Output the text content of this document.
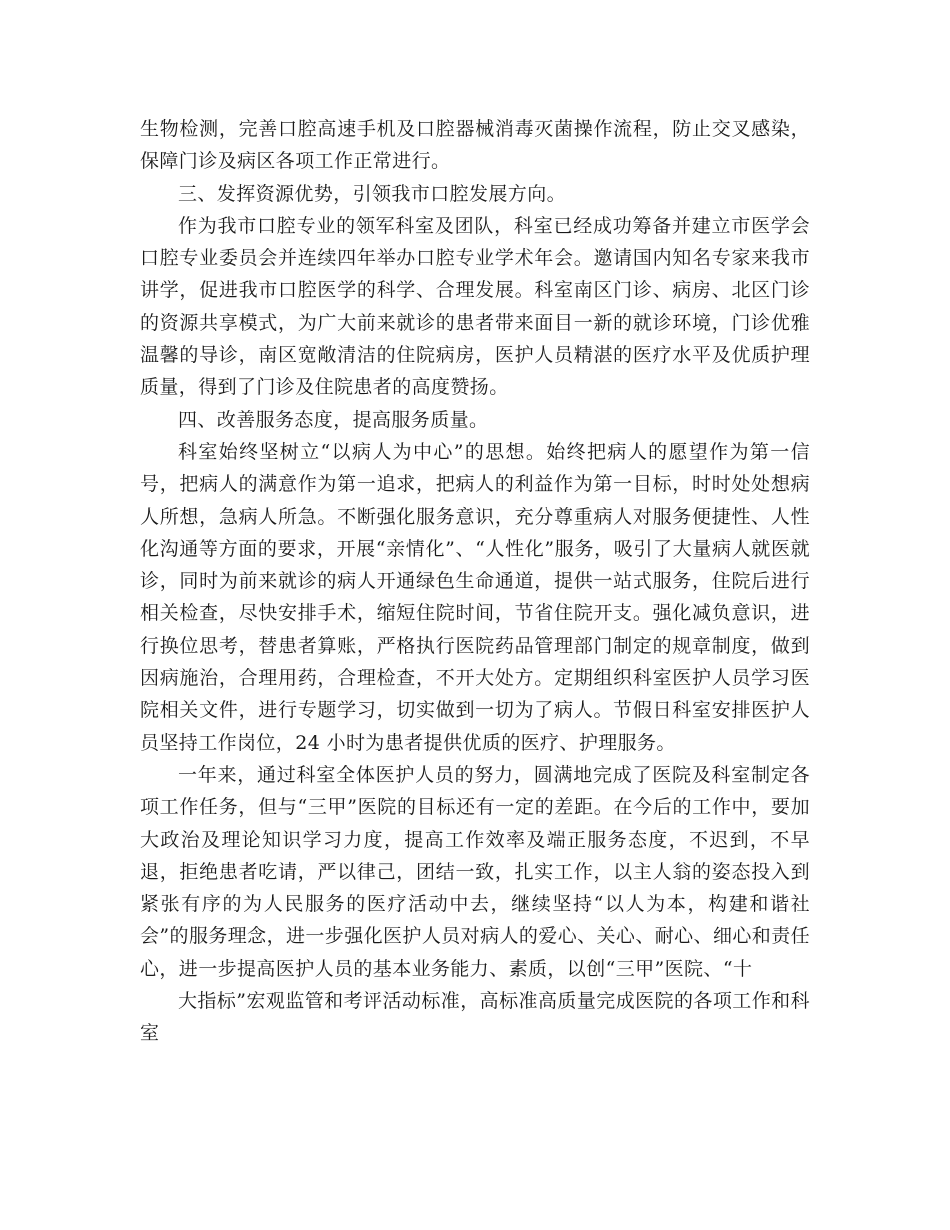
生物检测，完善口腔高速手机及口腔器械消毒灭菌操作流程，防止交叉感染，保障门诊及病区各项工作正常进行。

三、发挥资源优势，引领我市口腔发展方向。

作为我市口腔专业的领军科室及团队，科室已经成功筹备并建立市医学会口腔专业委员会并连续四年举办口腔专业学术年会。邀请国内知名专家来我市讲学，促进我市口腔医学的科学、合理发展。科室南区门诊、病房、北区门诊的资源共享模式，为广大前来就诊的患者带来面目一新的就诊环境，门诊优雅温馨的导诊，南区宽敞清洁的住院病房，医护人员精湛的医疗水平及优质护理质量，得到了门诊及住院患者的高度赞扬。

四、改善服务态度，提高服务质量。

科室始终坚树立“以病人为中心”的思想。始终把病人的愿望作为第一信号，把病人的满意作为第一追求，把病人的利益作为第一目标，时时处处想病人所想，急病人所急。不断强化服务意识，充分尊重病人对服务便捷性、人性化沟通等方面的要求，开展“亲情化”、“人性化”服务，吸引了大量病人就医就诊，同时为前来就诊的病人开通绿色生命通道，提供一站式服务，住院后进行相关检查，尽快安排手术，缩短住院时间，节省住院开支。强化减负意识，进行换位思考，替患者算账，严格执行医院药品管理部门制定的规章制度，做到因病施治，合理用药，合理检查，不开大处方。定期组织科室医护人员学习医院相关文件，进行专题学习，切实做到一切为了病人。节假日科室安排医护人员坚持工作岗位，24 小时为患者提供优质的医疗、护理服务。

一年来，通过科室全体医护人员的努力，圆满地完成了医院及科室制定各项工作任务，但与“三甲”医院的目标还有一定的差距。在今后的工作中，要加大政治及理论知识学习力度，提高工作效率及端正服务态度，不迟到，不早退，拒绝患者吃请，严以律己，团结一致，扎实工作，以主人翁的姿态投入到紧张有序的为人民服务的医疗活动中去，继续坚持“以人为本，构建和谐社会”的服务理念，进一步强化医护人员对病人的爱心、关心、耐心、细心和责任心，进一步提高医护人员的基本业务能力、素质，以创“三甲”医院、“十

大指标”宏观监管和考评活动标准，高标准高质量完成医院的各项工作和科室
